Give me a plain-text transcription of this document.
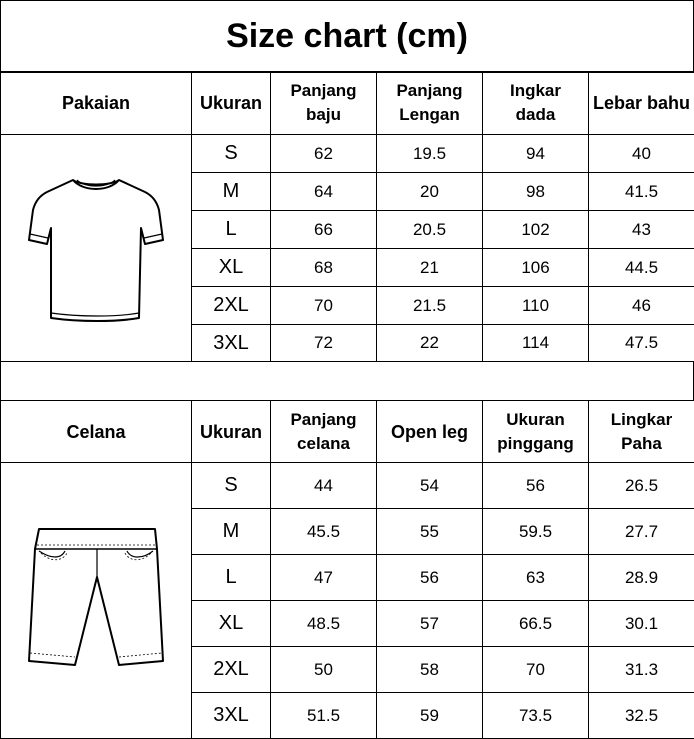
Size chart (cm)
Pakaian	Ukuran	Panjang baju	Panjang Lengan	Ingkar dada	Lebar bahu

	S	62	19.5	94	40
	M	64	20	98	41.5
	L	66	20.5	102	43
	XL	68	21	106	44.5
	2XL	70	21.5	110	46
	3XL	72	22	114	47.5
Celana	Ukuran	Panjang celana	Open leg	Ukuran pinggang	Lingkar Paha

	S	44	54	56	26.5
	M	45.5	55	59.5	27.7
	L	47	56	63	28.9
	XL	48.5	57	66.5	30.1
	2XL	50	58	70	31.3
	3XL	51.5	59	73.5	32.5
